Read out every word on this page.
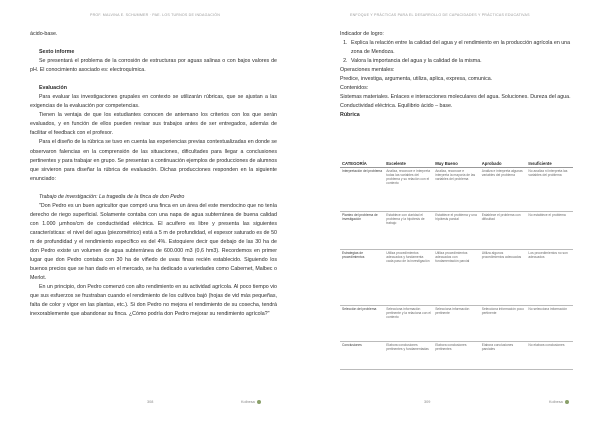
PROF. MALVINA E. SCHUMMER · PAE. LOS TURNOS DE INDAGACIÓN	ENFOQUE Y PRÁCTICAS PARA EL DESARROLLO DE CAPACIDADES Y PRÁCTICAS EDUCATIVAS

ácido-base.

Sexto informe

Se presentará el problema de la corrosión de estructuras por aguas salinas o con bajos valores de pH. El conocimiento asociado es: electroquímica.

Evaluación

Para evaluar las investigaciones grupales en contexto se utilizarán rúbricas, que se ajustan a las exigencias de la evaluación por competencias.

Tienen la ventaja de que los estudiantes conocen de antemano los criterios con los que serán evaluados, y en función de ellos pueden revisar sus trabajos antes de ser entregados, además de facilitar el feedback con el profesor.

Para el diseño de la rúbrica se tuvo en cuenta las experiencias previas contextualizadas en donde se observaron falencias en la comprensión de las situaciones, dificultades para llegar a conclusiones pertinentes y para trabajar en grupo. Se presentan a continuación ejemplos de producciones de alumnos que sirvieron para diseñar la rúbrica de evaluación. Dichas producciones responden en la siguiente enunciado:

Trabajo de investigación: La tragedia de la finca de don Pedro

"Don Pedro es un buen agricultor que compró una finca en un área del este mendocino que no tenía derecho de riego superficial. Solamente contaba con una napa de agua subterránea de buena calidad con 1.000 μmhos/cm de conductividad eléctrica. El acuífero es libre y presenta las siguientes características: el nivel del agua (piezométrico) está a 5 m de profundidad, el espesor saturado es de 50 m de profundidad y el rendimiento específico es del 4%. Estoquiere decir que debajo de las 30 ha de don Pedro existe un volumen de agua subterránea de 600.000 m3 (0,6 hm3). Recordemos en primer lugar que don Pedro contaba con 30 ha de viñedo de uvas finas recién establecido. Siguiendo los buenos precios que se han dado en el mercado, se ha dedicado a variedades como Cabernet, Malbec o Merlot.

En un principio, don Pedro comenzó con alto rendimiento en su actividad agrícola. Al poco tiempo vio que sus esfuerzos se frustraban cuando el rendimiento de los cultivos bajó (hojas de vid más pequeñas, falta de color y vigor en las plantas, etc.). Si don Pedro no mejora el rendimiento de su cosecha, tendrá inexorablemente que abandonar su finca. ¿Cómo podría don Pedro mejorar su rendimiento agrícola?"

Indicador de logro:

1. Explica la relación entre la calidad del agua y el rendimiento en la producción agrícola en una zona de Mendoza.
2. Valora la importancia del agua y la calidad de la misma.

Operaciones mentales:

Predice, investiga, argumenta, utiliza, aplica, expresa, comunica.

Contenidos:

Sistemas materiales. Enlaces e interacciones moleculares del agua. Soluciones. Dureza del agua. Conductividad eléctrica. Equilibrio ácido – base.

Rúbrica

CATEGORÍA	Excelente	Muy Bueno	Aprobado	Insuficiente
Interpretación del problema	Analiza, reconoce e interpreta todas las variables del problema y su relación con el contexto	Analiza, reconoce e interpreta la mayoría de las variables del problema	Analiza e interpreta algunas variables del problema	No analiza ni interpreta las variables del problema
Planteo del problema de investigación	Establece con claridad el problema y la hipótesis de trabajo	Establece el problema y una hipótesis parcial	Establece el problema con dificultad	No establece el problema
Estrategias de procedimientos	Utiliza procedimientos adecuados y fundamenta cada paso de la investigación	Utiliza procedimientos adecuados con fundamentación parcial	Utiliza algunos procedimientos adecuados	Los procedimientos no son adecuados
Selección del problema	Selecciona información pertinente y la relaciona con el contexto	Selecciona información pertinente	Selecciona información poco pertinente	No selecciona información
Conclusiones	Elabora conclusiones pertinentes y fundamentadas	Elabora conclusiones pertinentes	Elabora conclusiones parciales	No elabora conclusiones
308	Kolbesa	309	Kolbesa
